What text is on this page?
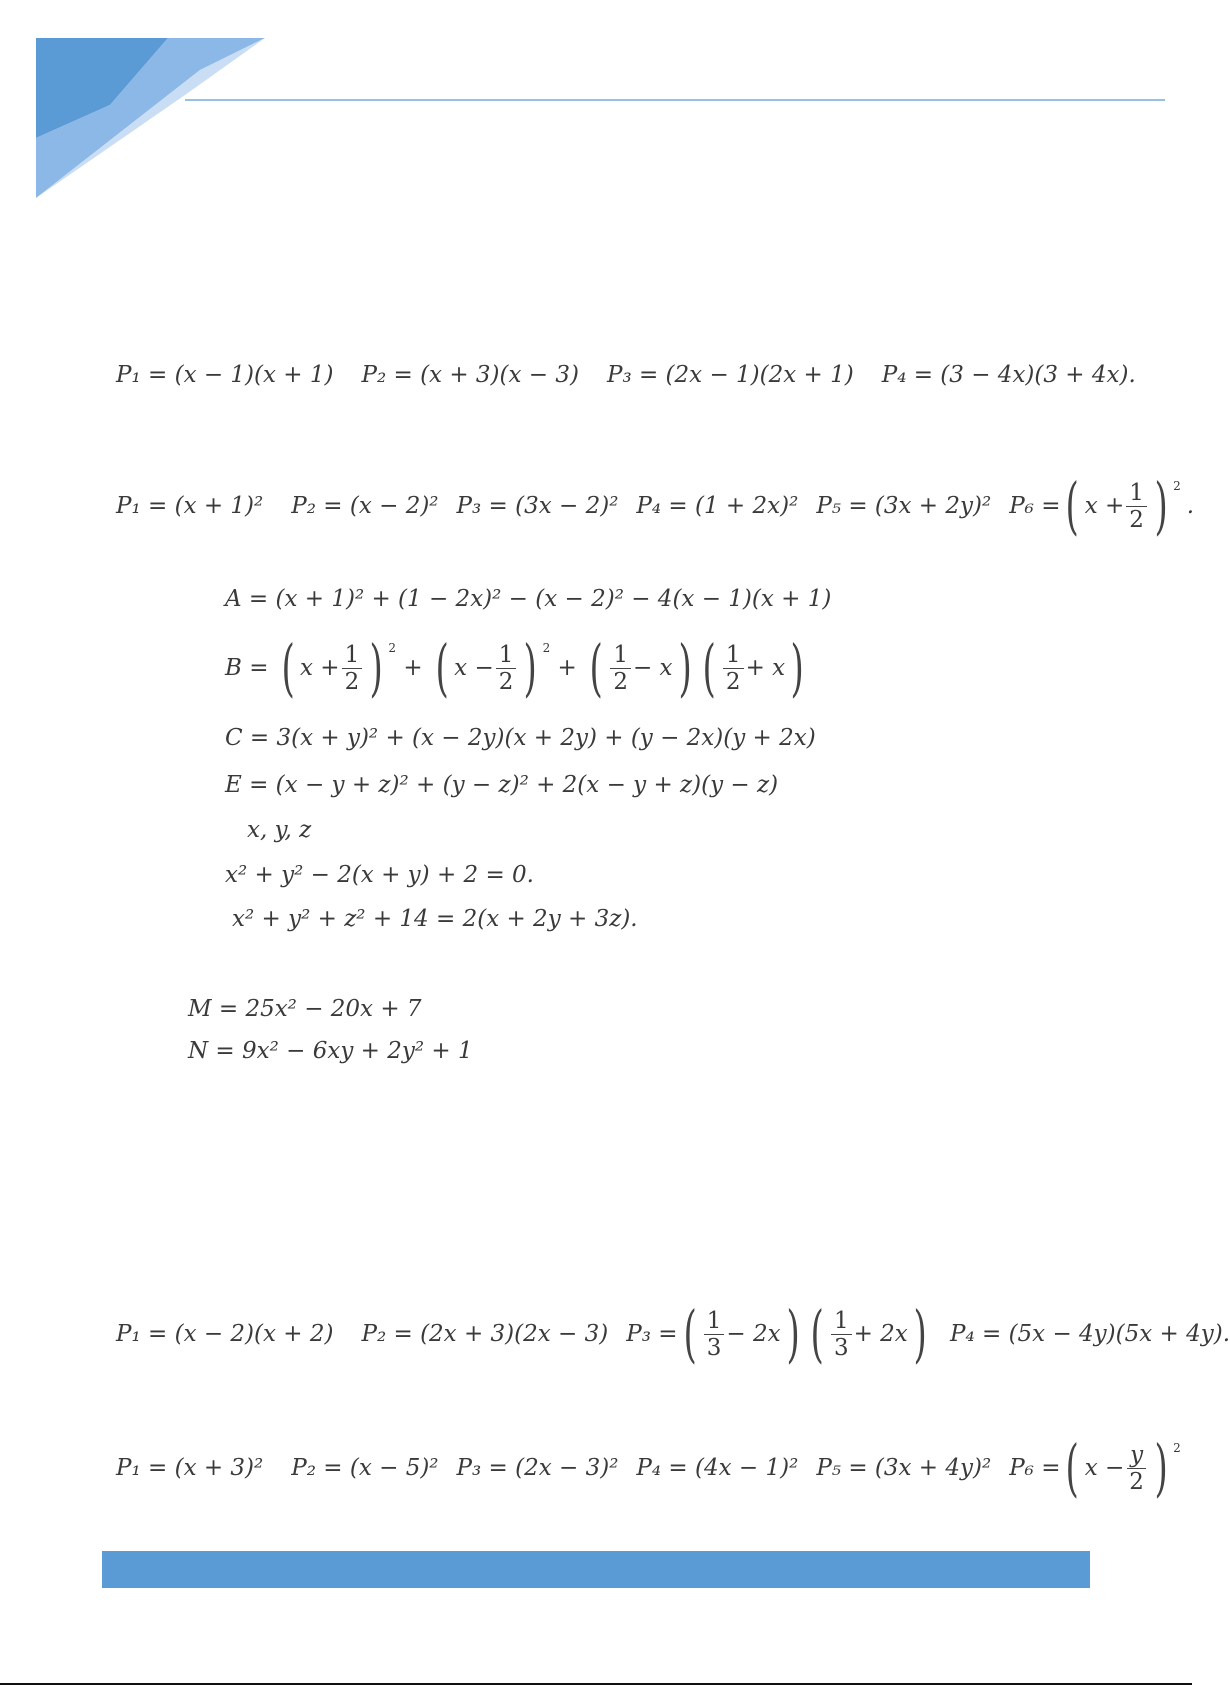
P₁ = (x − 1)(x + 1) P₂ = (x + 3)(x − 3) P₃ = (2x − 1)(2x + 1) P₄ = (3 − 4x)(3 + 4x).
P₁ = (x + 1)² P₂ = (x − 2)² P₃ = (3x − 2)² P₄ = (1 + 2x)² P₅ = (3x + 2y)² P₆ = ( $x + \frac{1}{2}$ ) 2
.
A = (x + 1)² + (1 − 2x)² − (x − 2)² − 4(x − 1)(x + 1)
B =
( $x + \frac{1}{2}$ ) 2

+
( $x - \frac{1}{2}$ ) 2

+
( $\frac{1}{2} - x$ ) ( $\frac{1}{2} + x$ )
C = 3(x + y)² + (x − 2y)(x + 2y) + (y − 2x)(y + 2x)
E = (x − y + z)² + (y − z)² + 2(x − y + z)(y − z)
x, y, z
x² + y² − 2(x + y) + 2 = 0.
x² + y² + z² + 14 = 2(x + 2y + 3z).
M = 25x² − 20x + 7
N = 9x² − 6xy + 2y² + 1
P₁ = (x − 2)(x + 2) P₂ = (2x + 3)(2x − 3) P₃ = ( $\frac{1}{3} - 2x$ ) ( $\frac{1}{3} + 2x$ ) P₄ = (5x − 4y)(5x + 4y).
P₁ = (x + 3)² P₂ = (x − 5)² P₃ = (2x − 3)² P₄ = (4x − 1)² P₅ = (3x + 4y)² P₆ = ( $x - \frac{y}{2}$ ) 2
